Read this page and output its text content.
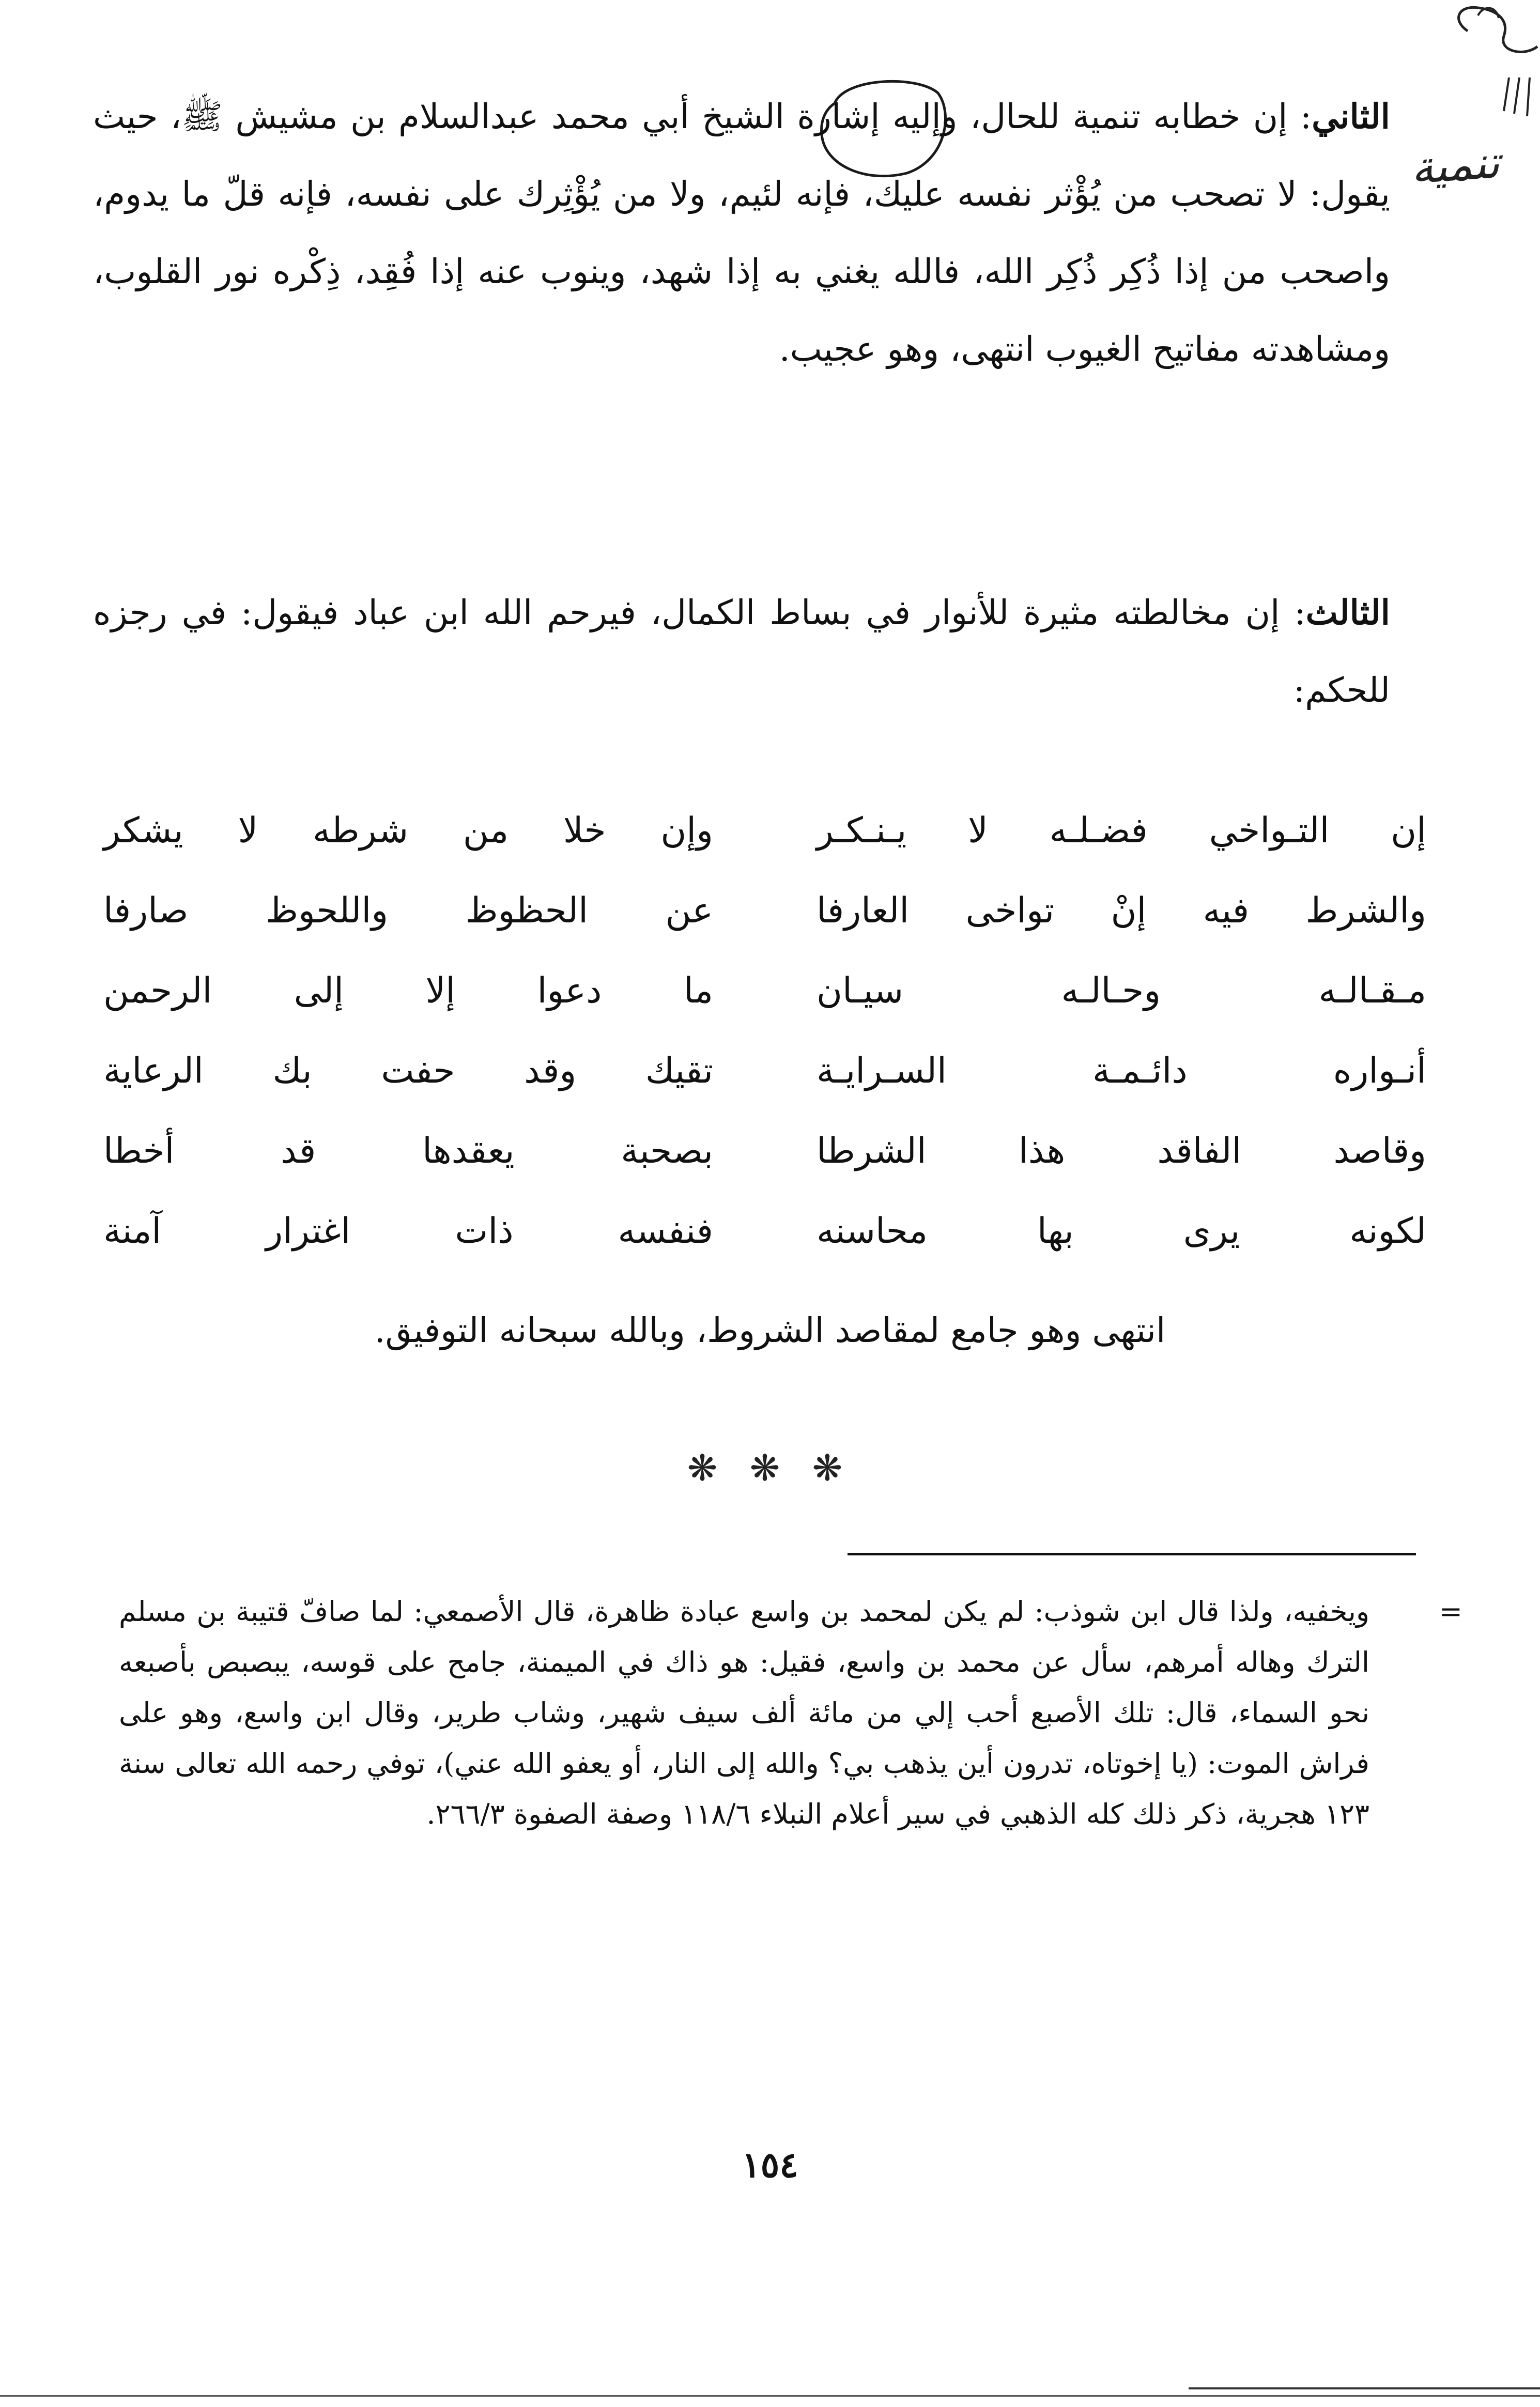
تنمية
الثاني: إن خطابه تنمية للحال، وإليه إشارة الشيخ أبي محمد عبدالسلام بن مشيش ﷺ، حيث يقول: لا تصحب من يُؤْثر نفسه عليك، فإنه لئيم، ولا من يُؤْثِرك على نفسه، فإنه قلّ ما يدوم، واصحب من إذا ذُكِر ذُكِر الله، فالله يغني به إذا شهد، وينوب عنه إذا فُقِد، ذِكْره نور القلوب، ومشاهدته مفاتيح الغيوب انتهى، وهو عجيب.
الثالث: إن مخالطته مثيرة للأنوار في بساط الكمال، فيرحم الله ابن عباد فيقول: في رجزه للحكم:
إن التـواخي فضـلـه لا يـنـكـر
وإن خلا من شرطه لا يشكر
والشرط فيه إنْ تواخى العارفا
عن الحظوظ واللحوظ صارفا
مـقـالـه وحـالـه سيـان
ما دعوا إلا إلى الرحمن
أنـواره دائـمـة السـرايـة
تقيك وقد حفت بك الرعاية
وقاصد الفاقد هذا الشرطا
بصحبة يعقدها قد أخطا
لكونه يرى بها محاسنه
فنفسه ذات اغترار آمنة
انتهى وهو جامع لمقاصد الشروط، وبالله سبحانه التوفيق.
❋ ❋ ❋
=
ويخفيه، ولذا قال ابن شوذب: لم يكن لمحمد بن واسع عبادة ظاهرة، قال الأصمعي: لما صافّ قتيبة بن مسلم الترك وهاله أمرهم، سأل عن محمد بن واسع، فقيل: هو ذاك في الميمنة، جامح على قوسه، يبصبص بأصبعه نحو السماء، قال: تلك الأصبع أحب إلي من مائة ألف سيف شهير، وشاب طرير، وقال ابن واسع، وهو على فراش الموت: (يا إخوتاه، تدرون أين يذهب بي؟ والله إلى النار، أو يعفو الله عني)، توفي رحمه الله تعالى سنة ١٢٣ هجرية، ذكر ذلك كله الذهبي في سير أعلام النبلاء ١١٨/٦ وصفة الصفوة ٢٦٦/٣.
١٥٤
